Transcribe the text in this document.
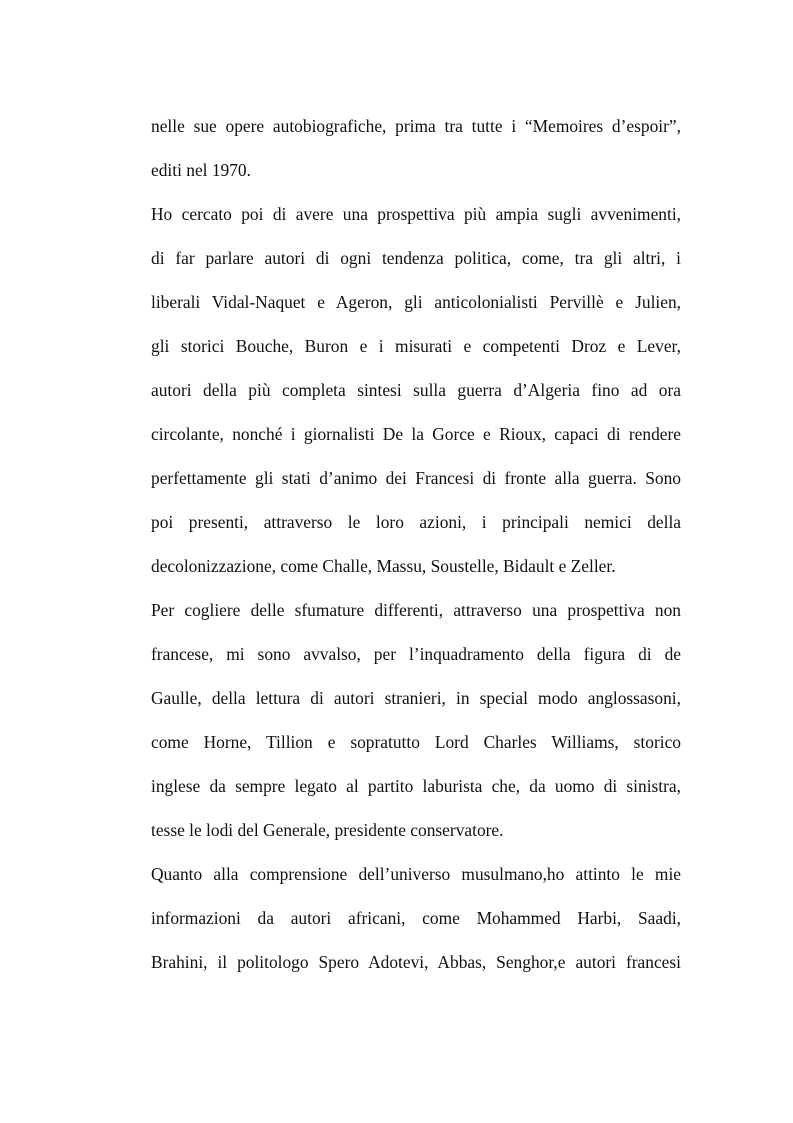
nelle sue opere autobiografiche, prima tra tutte i “Memoires d’espoir”,
editi nel 1970.
Ho cercato poi di avere una prospettiva più ampia sugli avvenimenti,
di far parlare autori di ogni tendenza politica, come, tra gli altri, i
liberali Vidal-Naquet e Ageron, gli anticolonialisti Pervillè e Julien,
gli storici Bouche, Buron e i misurati e competenti Droz e Lever,
autori della più completa sintesi sulla guerra d’Algeria fino ad ora
circolante, nonché i giornalisti De la Gorce e Rioux, capaci di rendere
perfettamente gli stati d’animo dei Francesi di fronte alla guerra. Sono
poi presenti, attraverso le loro azioni, i principali nemici della
decolonizzazione, come Challe, Massu, Soustelle, Bidault e Zeller.
Per cogliere delle sfumature differenti, attraverso una prospettiva non
francese, mi sono avvalso, per l’inquadramento della figura di de
Gaulle, della lettura di autori stranieri, in special modo anglossasoni,
come Horne, Tillion e sopratutto Lord Charles Williams, storico
inglese da sempre legato al partito laburista che, da uomo di sinistra,
tesse le lodi del Generale, presidente conservatore.
Quanto alla comprensione dell’universo musulmano,ho attinto le mie
informazioni da autori africani, come Mohammed Harbi, Saadi,
Brahini, il politologo Spero Adotevi, Abbas, Senghor,e autori francesi
